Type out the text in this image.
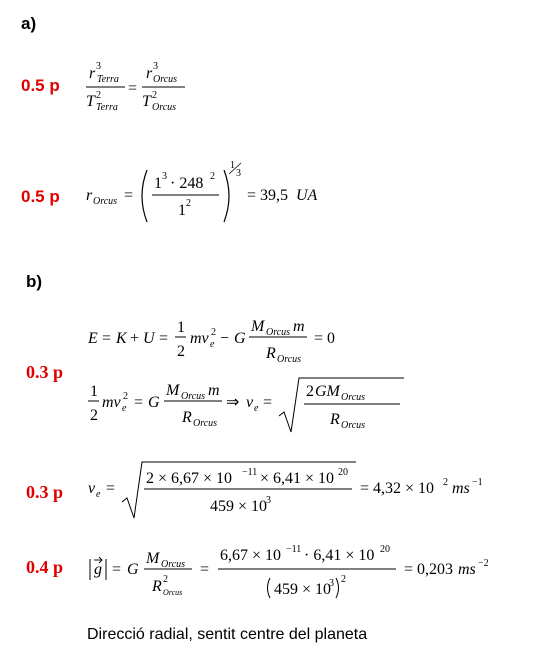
a)
b)
0.5 p
0.5 p
0.3 p
0.3 p
0.4 p
r 3
Terra
T 2
Terra
=
r 3
Orcus
T 2
Orcus
r Orcus =
1 3 · 248 2
1 2
1
3
= 39,5 UA
E = K + U =
1
2
mv 2
e − G
M Orcus m
R Orcus
= 0
1
2
mv 2
e = G
M Orcus m
R Orcus
⇒ v e =
2 GM Orcus
R Orcus
v e =
2 × 6,67 × 10 −11 × 6,41 × 10 20
459 × 10
3
= 4,32 × 10 2 ms −1
g = G
M Orcus
R 2
Orcus
=
6,67 × 10 −11 · 6,41 × 10 20
459 × 10
3 2
= 0,203 ms −2
Direcció radial, sentit centre del planeta
